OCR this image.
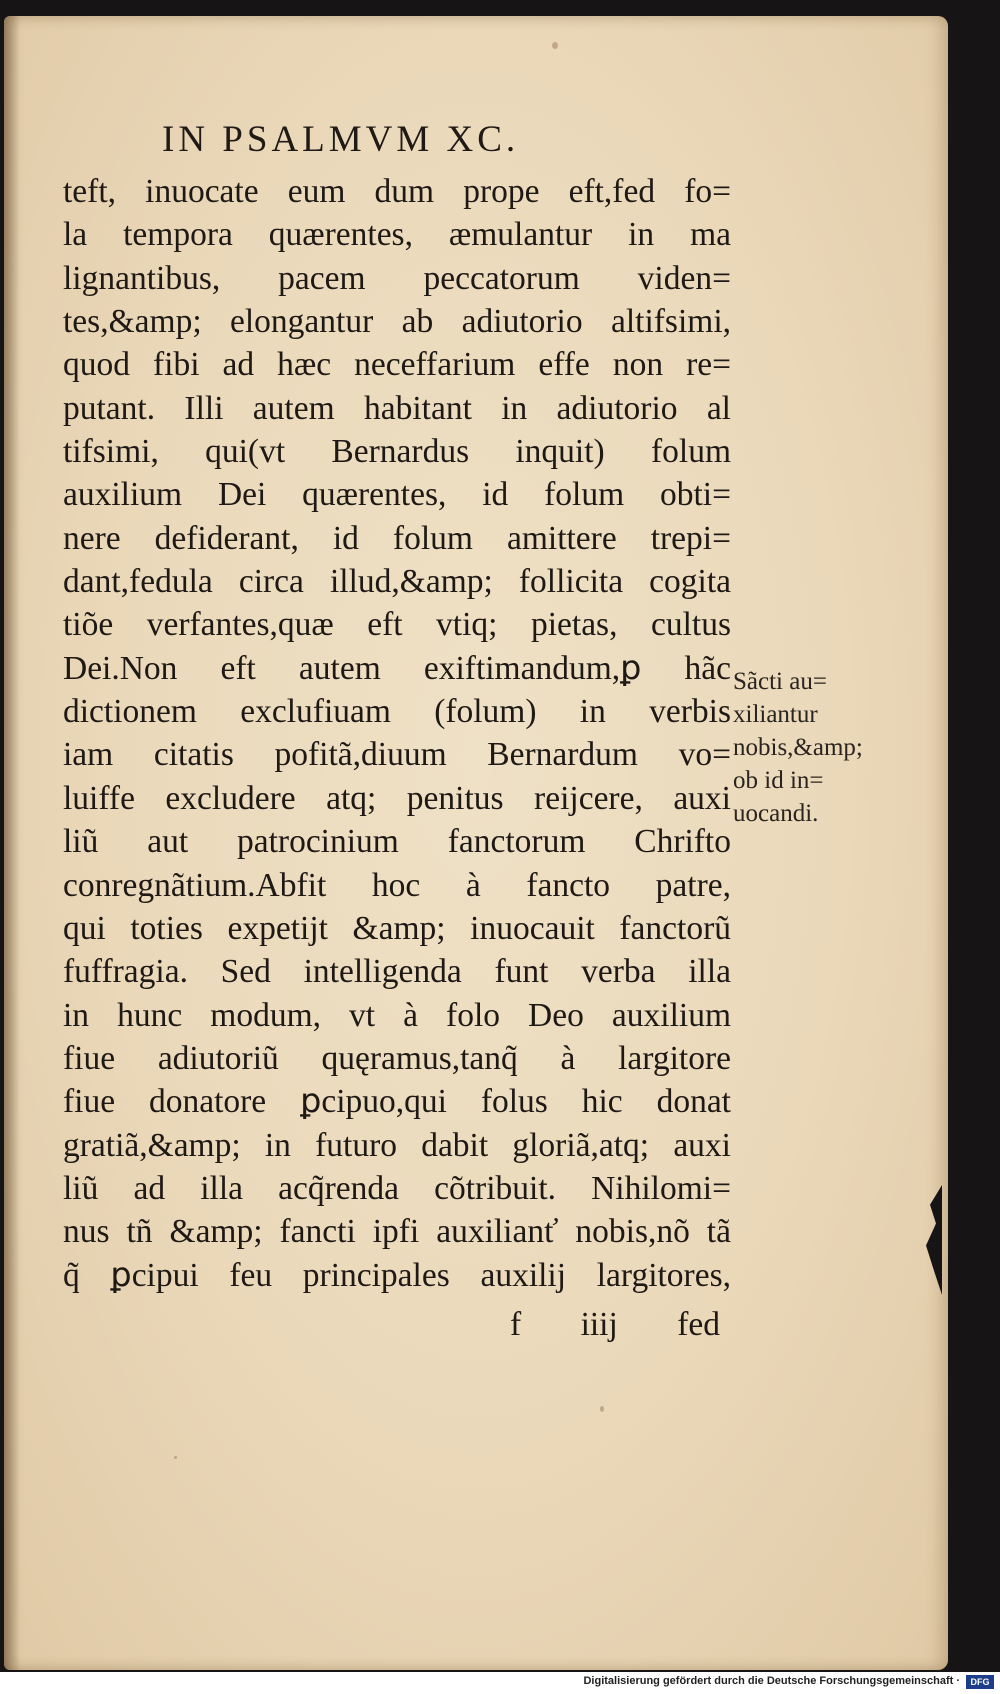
IN PSALMVM XC.
teft, inuocate eum dum prope eft,fed fo=
la tempora quærentes, æmulantur in ma
lignantibus, pacem peccatorum viden=
tes,&amp; elongantur ab adiutorio altifsimi,
quod fibi ad hæc neceffarium effe non re=
putant. Illi autem habitant in adiutorio al
tifsimi, qui(vt Bernardus inquit) folum
auxilium Dei quærentes, id folum obti=
nere defiderant, id folum amittere trepi=
dant,fedula circa illud,&amp; follicita cogita
tiõe verfantes,quæ eft vtiq; pietas, cultus
Dei.Non eft autem exiftimandum,ꝑ hãc
dictionem exclufiuam (folum) in verbis
iam citatis pofitã,diuum Bernardum vo=
luiffe excludere atq; penitus reijcere, auxi
liũ aut patrocinium fanctorum Chrifto
conregnãtium.Abfit hoc à fancto patre,
qui toties expetijt &amp; inuocauit fanctorũ
fuffragia. Sed intelligenda funt verba illa
in hunc modum, vt à folo Deo auxilium
fiue adiutoriũ quęramus,tanq̃ à largitore
fiue donatore ꝑcipuo,qui folus hic donat
gratiã,&amp; in futuro dabit gloriã,atq; auxi
liũ ad illa acq̃renda cõtribuit. Nihilomi=
nus tñ &amp; fancti ipfi auxilianť nobis,nõ tã
q̃ ꝑcipui feu principales auxilij largitores,
Sãcti au=
xiliantur
nobis,&amp;
ob id in=
uocandi.
f iiij fed
Digitalisierung gefördert durch die Deutsche Forschungsgemeinschaft ·	DFG
